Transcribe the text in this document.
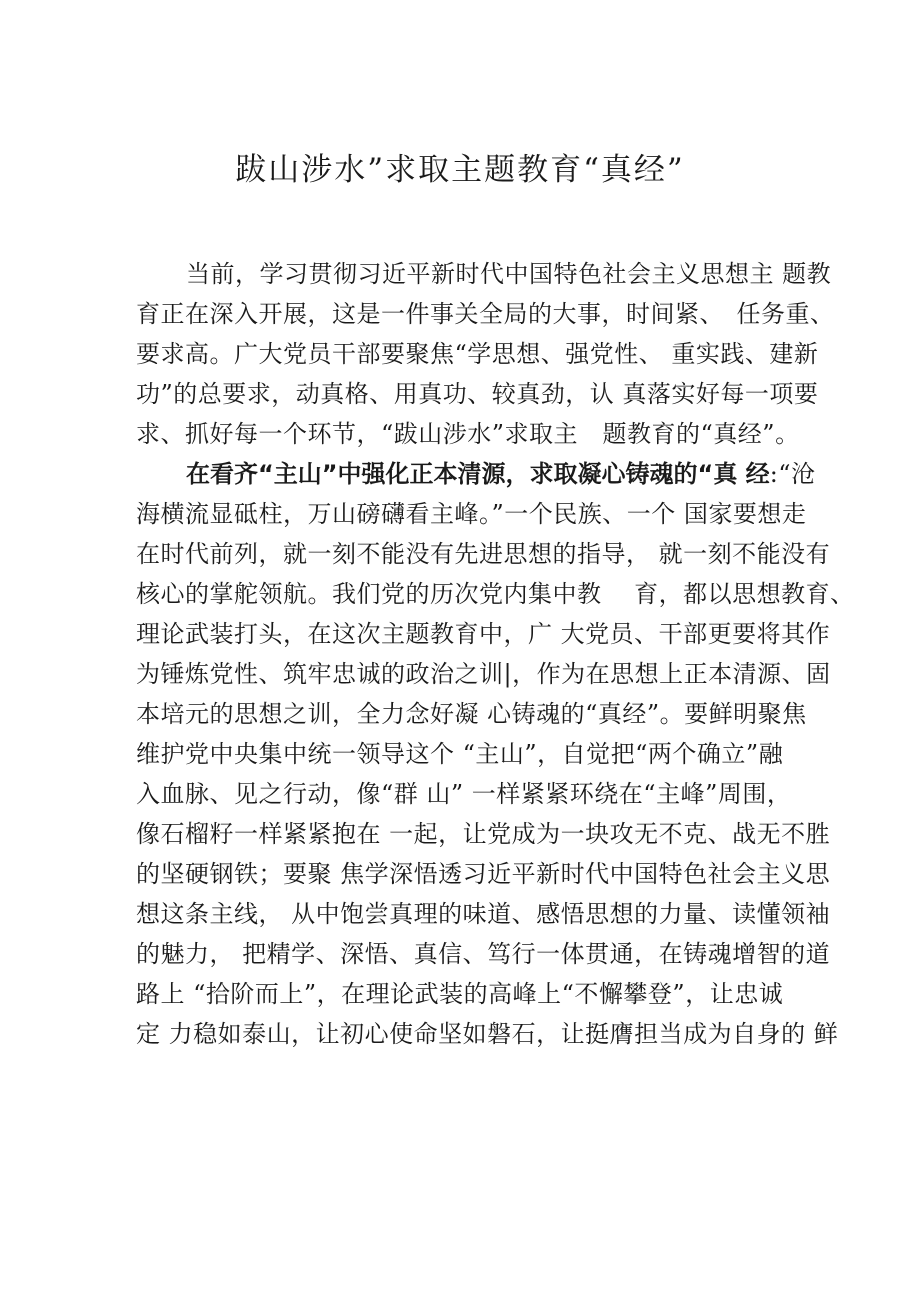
跋山涉水”求取主题教育“真经”
当前，学习贯彻习近平新时代中国特色社会主义思想主 题教
育正在深入开展，这是一件事关全局的大事，时间紧、　任务重、
要求高。广大党员干部要聚焦“学思想、强党性、 重实践、建新
功”的总要求，动真格、用真功、较真劲，认 真落实好每一项要
求、抓好每一个环节，“跋山涉水”求取主　题教育的“真经”。
在看齐“主山”中强化正本清源，求取凝心铸魂的“真 经:“沧
海横流显砥柱，万山磅礴看主峰。”一个民族、一个 国家要想走
在时代前列，就一刻不能没有先进思想的指导， 就一刻不能没有
核心的掌舵领航。我们党的历次党内集中教　 育，都以思想教育、
理论武装打头，在这次主题教育中，广 大党员、干部更要将其作
为锤炼党性、筑牢忠诚的政治之训|，作为在思想上正本清源、固
本培元的思想之训，全力念好凝 心铸魂的“真经”。要鲜明聚焦
维护党中央集中统一领导这个 “主山”，自觉把“两个确立”融
入血脉、见之行动，像“群 山” 一样紧紧环绕在“主峰”周围，
像石榴籽一样紧紧抱在 一起，让党成为一块攻无不克、战无不胜
的坚硬钢铁；要聚 焦学深悟透习近平新时代中国特色社会主义思
想这条主线， 从中饱尝真理的味道、感悟思想的力量、读懂领袖
的魅力， 把精学、深悟、真信、笃行一体贯通，在铸魂增智的道
路上 “拾阶而上”，在理论武装的高峰上“不懈攀登”，让忠诚
定 力稳如泰山，让初心使命坚如磐石，让挺膺担当成为自身的 鲜
